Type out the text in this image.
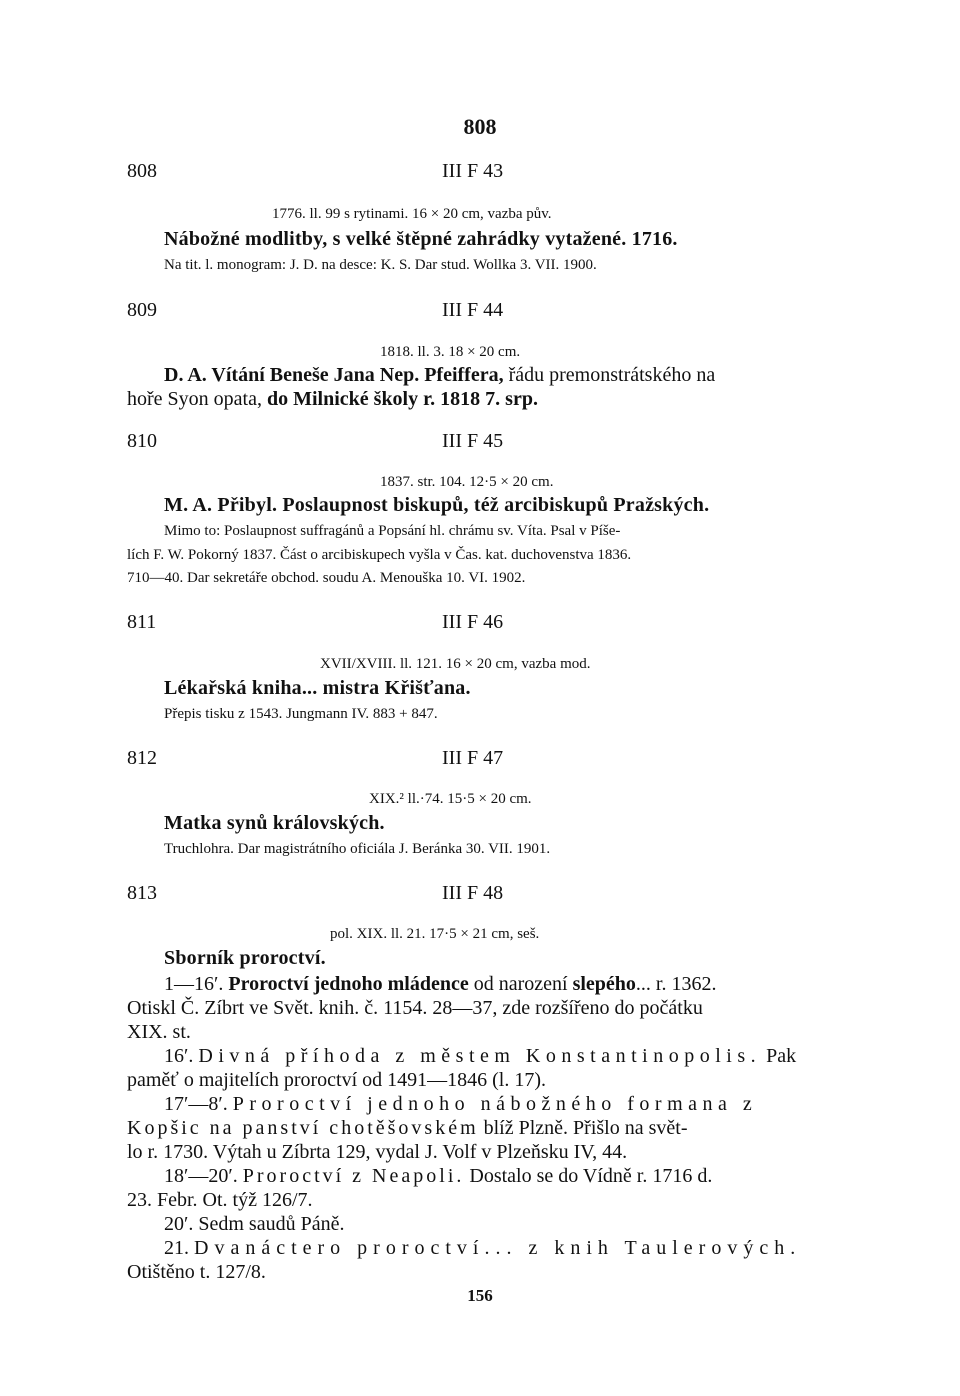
808
808	III F 43
1776. ll. 99 s rytinami. 16 × 20 cm, vazba pův.
Nábožné modlitby, s velké štěpné zahrádky vytažené. 1716.
Na tit. l. monogram: J. D. na desce: K. S. Dar stud. Wollka 3. VII. 1900.
809	III F 44
1818. ll. 3. 18 × 20 cm.
D. A. Vítání Beneše Jana Nep. Pfeiffera, řádu premonstrátského na
hoře Syon opata, do Milnické školy r. 1818 7. srp.
810	III F 45
1837. str. 104. 12·5 × 20 cm.
M. A. Přibyl. Poslaupnost biskupů, též arcibiskupů Pražských.
Mimo to: Poslaupnost suffragánů a Popsání hl. chrámu sv. Víta. Psal v Píše-
lích F. W. Pokorný 1837. Část o arcibiskupech vyšla v Čas. kat. duchovenstva 1836.
710—40. Dar sekretáře obchod. soudu A. Menouška 10. VI. 1902.
811	III F 46
XVII/XVIII. ll. 121. 16 × 20 cm, vazba mod.
Lékařská kniha... mistra Křišťana.
Přepis tisku z 1543. Jungmann IV. 883 + 847.
812	III F 47
XIX.² ll.·74. 15·5 × 20 cm.
Matka synů královských.
Truchlohra. Dar magistrátního oficiála J. Beránka 30. VII. 1901.
813	III F 48
pol. XIX. ll. 21. 17·5 × 21 cm, seš.
Sborník proroctví.
1—16′. Proroctví jednoho mládence od narození slepého... r. 1362.
Otiskl Č. Zíbrt ve Svět. knih. č. 1154. 28—37, zde rozšířeno do počátku
XIX. st.
16′. Divná příhoda z městem Konstantinopolis. Pak
paměť o majitelích proroctví od 1491—1846 (l. 17).
17′—8′. Proroctví jednoho nábožného formana z
Kopšic na panství chotěšovském blíž Plzně. Přišlo na svět-
lo r. 1730. Výtah u Zíbrta 129, vydal J. Volf v Plzeňsku IV, 44.
18′—20′. Proroctví z Neapoli. Dostalo se do Vídně r. 1716 d.
23. Febr. Ot. týž 126/7.
20′. Sedm saudů Páně.
21. Dvanáctero proroctví... z knih Taulerových.
Otištěno t. 127/8.
156
